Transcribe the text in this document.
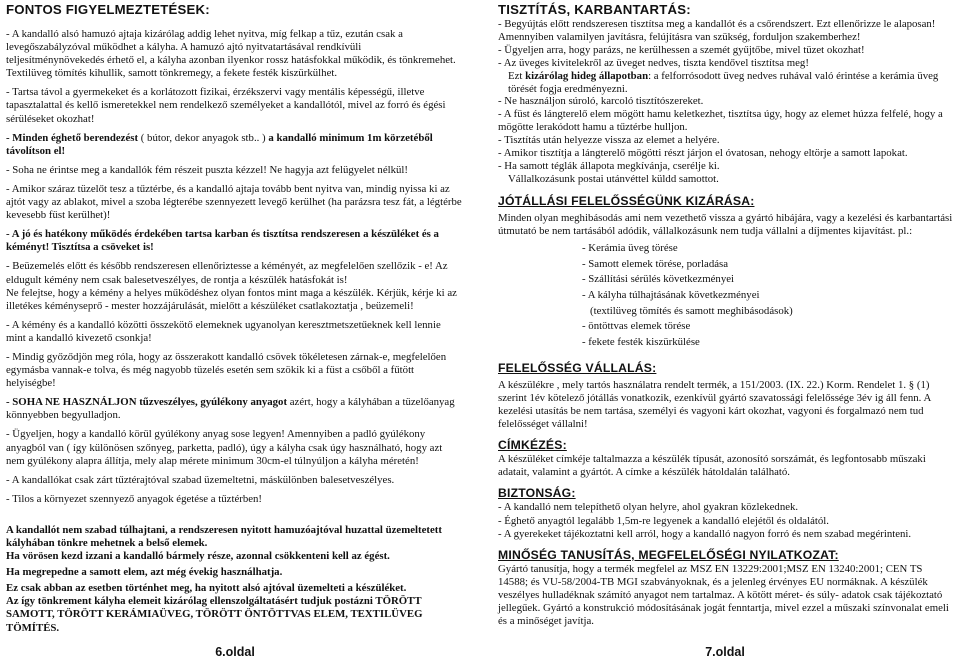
FONTOS FIGYELMEZTETÉSEK:

- A kandalló alsó hamuzó ajtaja kizárólag addig lehet nyitva, míg felkap a tűz, ezután csak a levegőszabályzóval működhet a kályha. A hamuzó ajtó nyitvatartásával rendkívüli teljesítménynövekedés érhető el, a kályha azonban ilyenkor rossz hatásfokkal működik, és tönkremehet. Textilüveg tömítés kihullik, samott tönkremegy, a fekete festék kiszürkülhet.

- Tartsa távol a gyermekeket és a korlátozott fizikai, érzékszervi vagy mentális képességű, illetve tapasztalattal és kellő ismeretekkel nem rendelkező személyeket a kandallótól, mivel az forró és égési sérüléseket okozhat!

- Minden éghető berendezést ( bútor, dekor anyagok stb.. ) a kandalló minimum 1m körzetéből távolítson el!

- Soha ne érintse meg a kandallók fém részeit puszta kézzel! Ne hagyja azt felügyelet nélkül!

- Amikor száraz tüzelőt tesz a tűztérbe, és a kandalló ajtaja tovább bent nyitva van, mindig nyissa ki az ajtót vagy az ablakot, mivel a szoba légterébe szennyezett levegő kerülhet (ha parázsra tesz fát, a légtérbe kevesebb füst kerülhet)!

- A jó és hatékony működés érdekében tartsa karban és tisztítsa rendszeresen a készüléket és a kéményt! Tisztítsa a csöveket is!

- Beüzemelés előtt és később rendszeresen ellenőriztesse a kéményét, az megfelelően szellőzik - e! Az eldugult kémény nem csak balesetveszélyes, de rontja a készülék hatásfokát is!

Ne felejtse, hogy a kémény a helyes működéshez olyan fontos mint maga a készülék. Kérjük, kérje ki az illetékes kéményseprő - mester hozzájárulását, mielőtt a készüléket csatlakoztatja , beüzemeli!

- A kémény és a kandalló közötti összekötő elemeknek ugyanolyan keresztmetszetűeknek kell lennie mint a kandalló kivezető csonkja!

- Mindig győződjön meg róla, hogy az összerakott kandalló csövek tökéletesen zárnak-e, megfelelően egymásba vannak-e tolva, és még nagyobb tüzelés esetén sem szökik ki a füst a csőből a fűtött helyiségbe!

- SOHA NE HASZNÁLJON tűzveszélyes, gyúlékony anyagot azért, hogy a kályhában a tüzelőanyag könnyebben begyulladjon.

- Ügyeljen, hogy a kandalló körül gyúlékony anyag sose legyen! Amennyiben a padló gyúlékony anyagból van ( így különösen szőnyeg, parketta, padló), úgy a kályha csak úgy használható, hogy azt nem gyúlékony alapra állítja, mely alap mérete minimum 30cm-el túlnyúljon a kályha méretén!

- A kandallókat csak zárt tűztérajtóval szabad üzemeltetni, máskülönben balesetveszélyes.

- Tilos a környezet szennyező anyagok égetése a tűztérben!

A kandallót nem szabad túlhajtani, a rendszeresen nyitott hamuzóajtóval huzattal üzemeltetett kályhában tönkre mehetnek a belső elemek.

Ha vörösen kezd izzani a kandalló bármely része, azonnal csökkenteni kell az égést.

Ha megrepedne a samott elem, azt még évekig használhatja.

Ez csak abban az esetben történhet meg, ha nyitott alsó ajtóval üzemelteti a készüléket.

Az így tönkrement kályha elemeit kizárólag ellenszolgáltatásért tudjuk postázni TÖRÖTT SAMOTT, TÖRÖTT KERÁMIAÜVEG, TÖRÖTT ÖNTÖTTVAS ELEM, TEXTILÜVEG TÖMÍTÉS.

6.oldal
TISZTÍTÁS, KARBANTARTÁS:

- Begyújtás előtt rendszeresen tisztítsa meg a kandallót és a csőrendszert. Ezt ellenőrizze le alaposan! Amennyiben valamilyen javításra, felújításra van szükség, forduljon szakemberhez!

- Ügyeljen arra, hogy parázs, ne kerülhessen a szemét gyűjtőbe, mivel tüzet okozhat!

- Az üveges kivitelekről az üveget nedves, tiszta kendővel tisztítsa meg!

Ezt kizárólag hideg állapotban: a felforrósodott üveg nedves ruhával való érintése a kerámia üveg törését fogja eredményezni.

- Ne használjon súroló, karcoló tisztítószereket.

- A füst és lángterelő elem mögött hamu keletkezhet, tisztítsa úgy, hogy az elemet húzza felfelé, hogy a mögötte lerakódott hamu a tűztérbe hulljon.

- Tisztítás után helyezze vissza az elemet a helyére.

- Amikor tisztítja a lángterelő mögötti részt járjon el óvatosan, nehogy eltörje a samott lapokat.

- Ha samott téglák állapota megkívánja, cserélje ki.

Vállalkozásunk postai utánvéttel küldd samottot.

JÓTÁLLÁSI FELELŐSSÉGÜNK KIZÁRÁSA:

Minden olyan meghibásodás ami nem vezethető vissza a gyártó hibájára, vagy a kezelési és karbantartási útmutató be nem tartásából adódik, vállalkozásunk nem tudja vállalni a díjmentes kijavítást. pl.:

- Kerámia üveg törése

- Samott elemek törése, porladása

- Szállítási sérülés következményei

- A kályha túlhajtásának következményei

(textilüveg tömítés és samott meghibásodások)

- öntöttvas elemek törése

- fekete festék kiszürkülése

FELELŐSSÉG VÁLLALÁS:

A készülékre , mely tartós használatra rendelt termék, a 151/2003. (IX. 22.) Korm. Rendelet 1. § (1) szerint 1év kötelező jótállás vonatkozik, ezenkívül gyártó szavatossági felelőssége 3év ig áll fenn. A kezelési utasítás be nem tartása, személyi és vagyoni kárt okozhat, vagyoni és forgalmazó nem tud felelősséget vállalni!

CÍMKÉZÉS:

A készüléket címkéje taltalmazza a készülék típusát, azonosító sorszámát, és legfontosabb műszaki adatait, valamint a gyártót. A címke a készülék hátoldalán található.

BIZTONSÁG:

- A kandalló nem telepíthető olyan helyre, ahol gyakran közlekednek.

- Éghető anyagtól legalább 1,5m-re legyenek a kandalló elejétől és oldalától.

- A gyerekeket tájékoztatni kell arról, hogy a kandalló nagyon forró és nem szabad megérinteni.

MINŐSÉG TANUSÍTÁS, MEGFELELŐSÉGI NYILATKOZAT:

Gyártó tanusítja, hogy a termék megfelel az MSZ EN 13229:2001;MSZ EN 13240:2001; CEN TS 14588; és VU-58/2004-TB MGI szabványoknak, és a jelenleg érvényes EU normáknak. A készülék veszélyes hulladéknak számító anyagot nem tartalmaz. A kötött méret- és súly- adatok csak tájékoztató jellegűek. Gyártó a konstrukció módosításának jogát fenntartja, mivel ezzel a műszaki színvonalat emeli és a minőséget javítja.

7.oldal
